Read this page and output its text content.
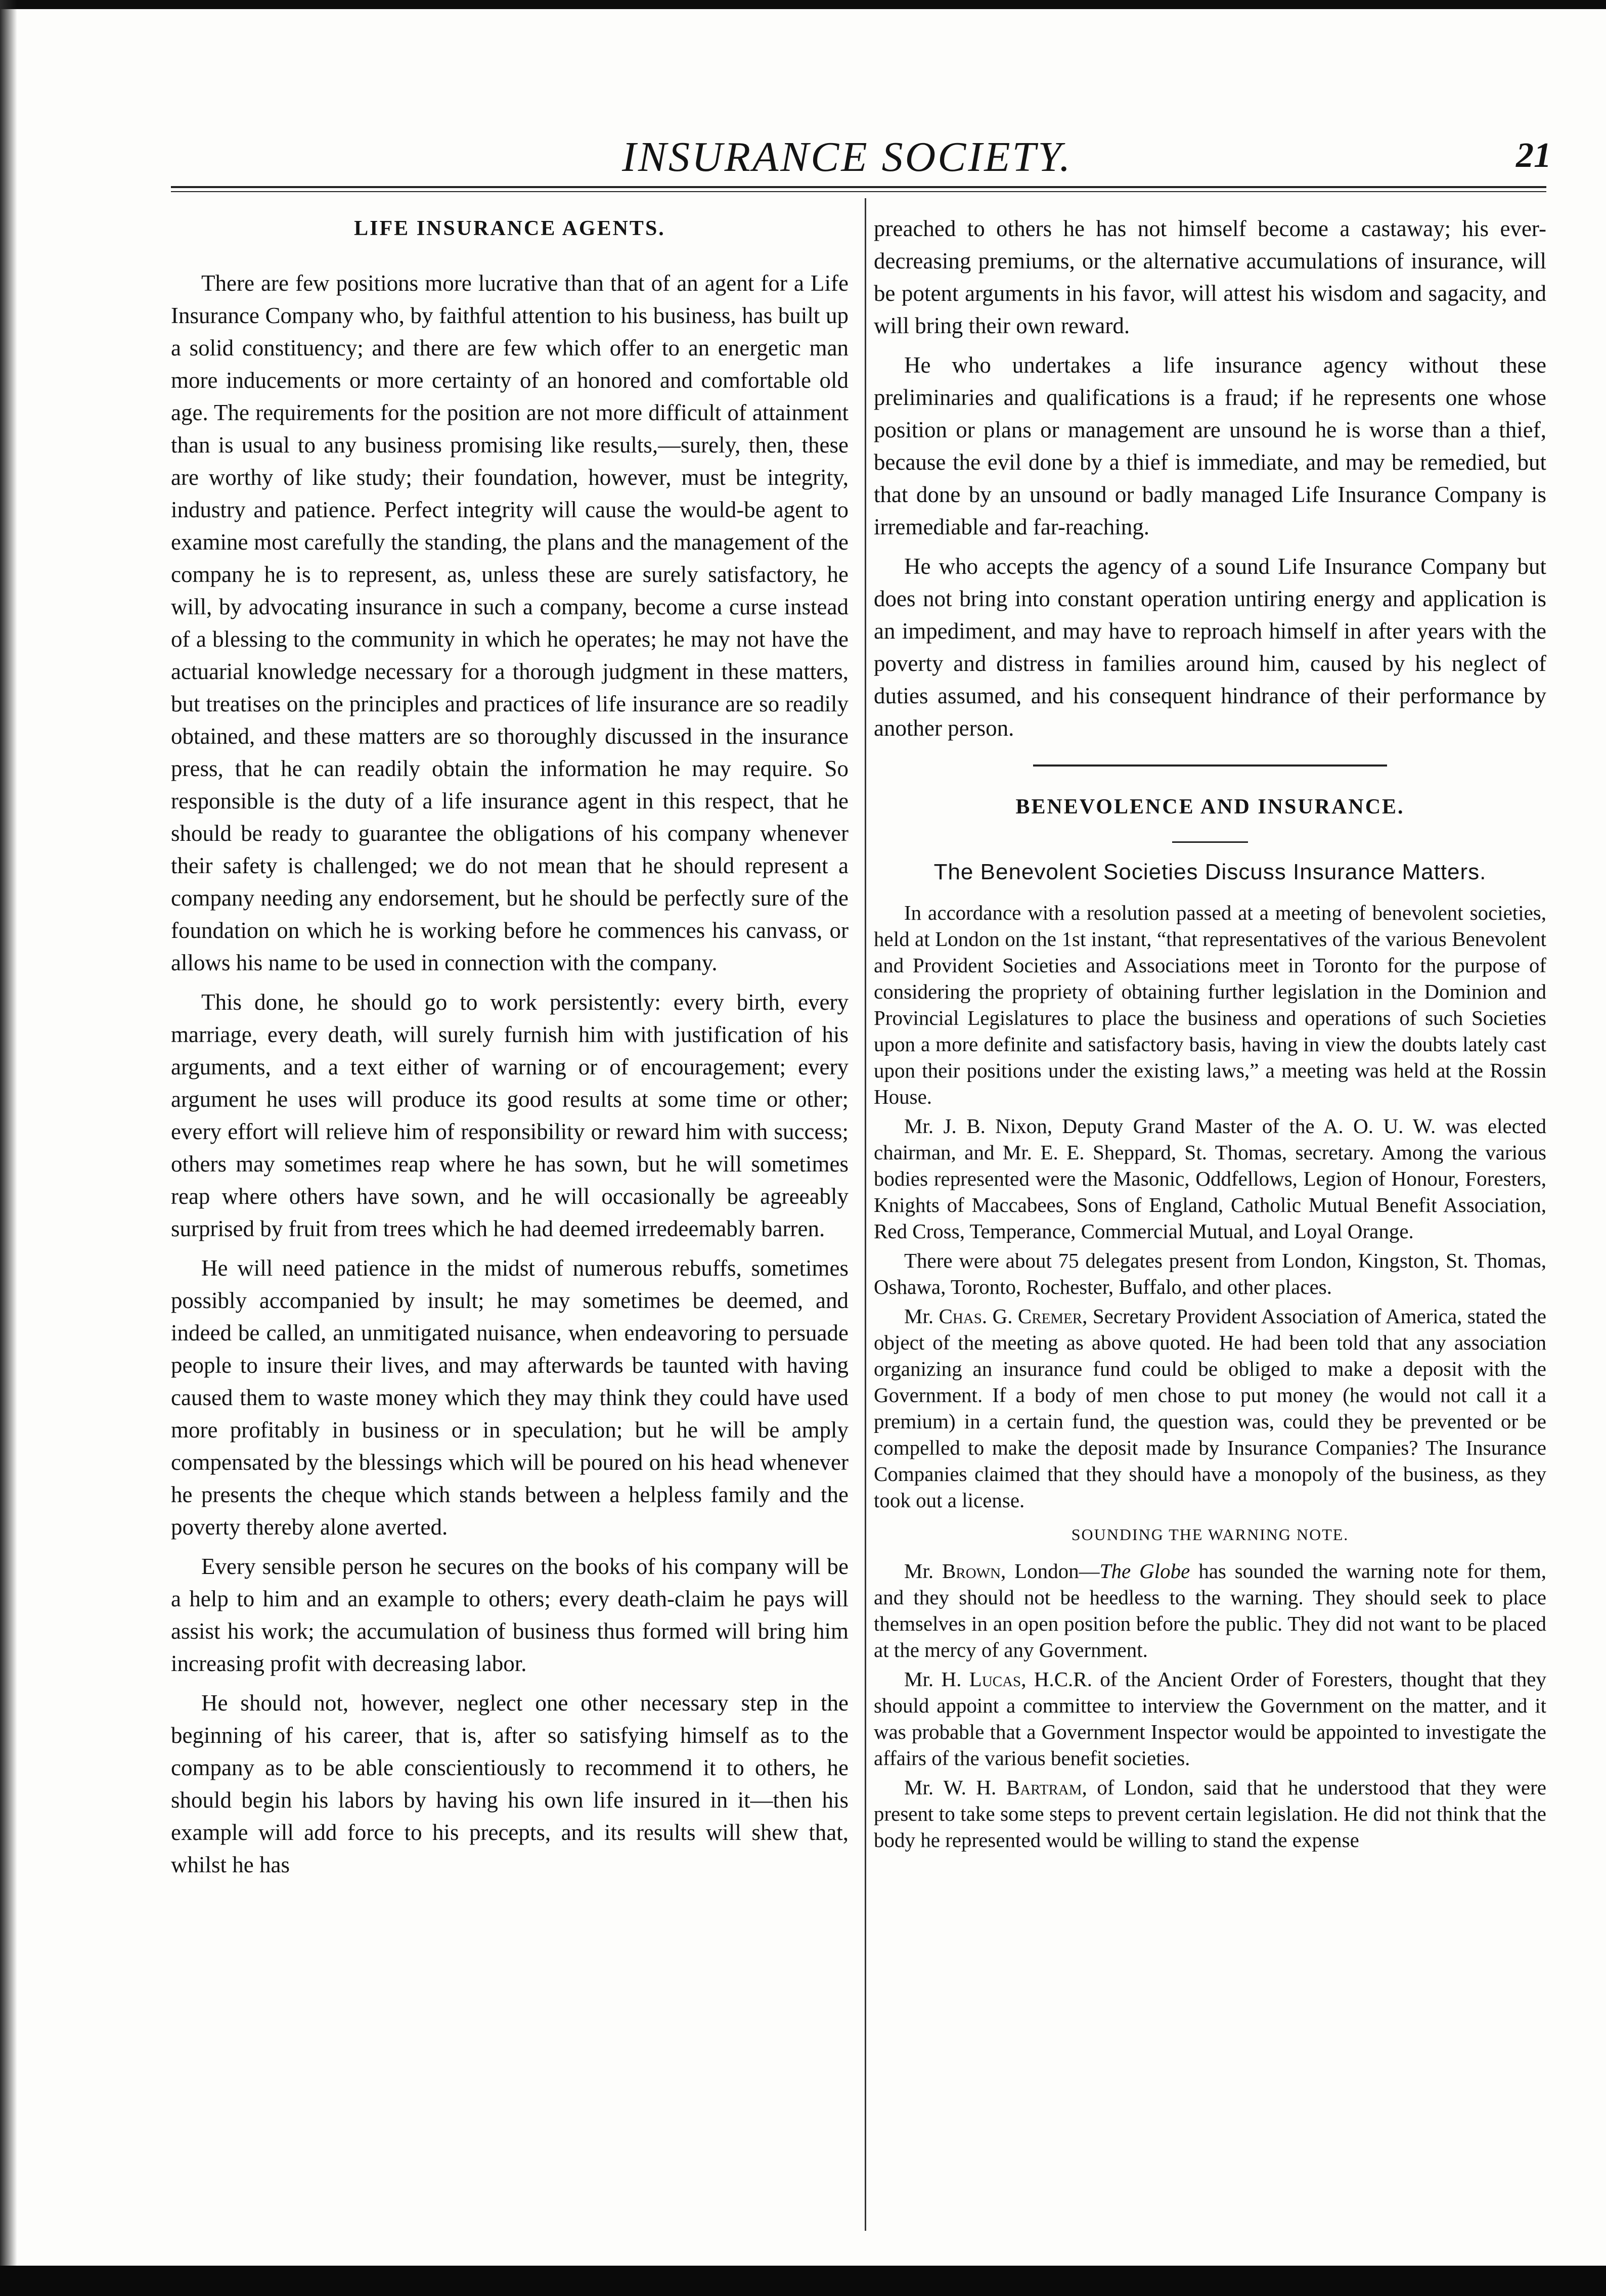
INSURANCE SOCIETY.	21
LIFE INSURANCE AGENTS.

There are few positions more lucrative than that of an agent for a Life Insurance Company who, by faithful attention to his business, has built up a solid constituency; and there are few which offer to an energetic man more inducements or more certainty of an honored and comfortable old age. The requirements for the position are not more difficult of attainment than is usual to any business promising like results,—surely, then, these are worthy of like study; their foundation, however, must be integrity, industry and patience. Perfect integrity will cause the would-be agent to examine most carefully the standing, the plans and the management of the company he is to represent, as, unless these are surely satisfactory, he will, by advocating insurance in such a company, become a curse instead of a blessing to the community in which he operates; he may not have the actuarial knowledge necessary for a thorough judgment in these matters, but treatises on the principles and practices of life insurance are so readily obtained, and these matters are so thoroughly discussed in the insurance press, that he can readily obtain the information he may require. So responsible is the duty of a life insurance agent in this respect, that he should be ready to guarantee the obligations of his company whenever their safety is challenged; we do not mean that he should represent a company needing any endorsement, but he should be perfectly sure of the foundation on which he is working before he commences his canvass, or allows his name to be used in connection with the company.

This done, he should go to work persistently: every birth, every marriage, every death, will surely furnish him with justification of his arguments, and a text either of warning or of encouragement; every argument he uses will produce its good results at some time or other; every effort will relieve him of responsibility or reward him with success; others may sometimes reap where he has sown, but he will sometimes reap where others have sown, and he will occasionally be agreeably surprised by fruit from trees which he had deemed irredeemably barren.

He will need patience in the midst of numerous rebuffs, sometimes possibly accompanied by insult; he may sometimes be deemed, and indeed be called, an unmitigated nuisance, when endeavoring to persuade people to insure their lives, and may afterwards be taunted with having caused them to waste money which they may think they could have used more profitably in business or in speculation; but he will be amply compensated by the blessings which will be poured on his head whenever he presents the cheque which stands between a helpless family and the poverty thereby alone averted.

Every sensible person he secures on the books of his company will be a help to him and an example to others; every death-claim he pays will assist his work; the accumulation of business thus formed will bring him increasing profit with decreasing labor.

He should not, however, neglect one other necessary step in the beginning of his career, that is, after so satisfying himself as to the company as to be able conscientiously to recommend it to others, he should begin his labors by having his own life insured in it—then his example will add force to his precepts, and its results will shew that, whilst he has

preached to others he has not himself become a castaway; his ever-decreasing premiums, or the alternative accumulations of insurance, will be potent arguments in his favor, will attest his wisdom and sagacity, and will bring their own reward.

He who undertakes a life insurance agency without these preliminaries and qualifications is a fraud; if he represents one whose position or plans or management are unsound he is worse than a thief, because the evil done by a thief is immediate, and may be remedied, but that done by an unsound or badly managed Life Insurance Company is irremediable and far-reaching.

He who accepts the agency of a sound Life Insurance Company but does not bring into constant operation untiring energy and application is an impediment, and may have to reproach himself in after years with the poverty and distress in families around him, caused by his neglect of duties assumed, and his consequent hindrance of their performance by another person.

BENEVOLENCE AND INSURANCE.
The Benevolent Societies Discuss Insurance Matters.

In accordance with a resolution passed at a meeting of benevolent societies, held at London on the 1st instant, “that representatives of the various Benevolent and Provident Societies and Associations meet in Toronto for the purpose of considering the propriety of obtaining further legislation in the Dominion and Provincial Legislatures to place the business and operations of such Societies upon a more definite and satisfactory basis, having in view the doubts lately cast upon their positions under the existing laws,” a meeting was held at the Rossin House.

Mr. J. B. Nixon, Deputy Grand Master of the A. O. U. W. was elected chairman, and Mr. E. E. Sheppard, St. Thomas, secretary. Among the various bodies represented were the Masonic, Oddfellows, Legion of Honour, Foresters, Knights of Maccabees, Sons of England, Catholic Mutual Benefit Association, Red Cross, Temperance, Commercial Mutual, and Loyal Orange.

There were about 75 delegates present from London, Kingston, St. Thomas, Oshawa, Toronto, Rochester, Buffalo, and other places.

Mr. Chas. G. Cremer, Secretary Provident Association of America, stated the object of the meeting as above quoted. He had been told that any association organizing an insurance fund could be obliged to make a deposit with the Government. If a body of men chose to put money (he would not call it a premium) in a certain fund, the question was, could they be prevented or be compelled to make the deposit made by Insurance Companies? The Insurance Companies claimed that they should have a monopoly of the business, as they took out a license.

SOUNDING THE WARNING NOTE.

Mr. Brown, London—The Globe has sounded the warning note for them, and they should not be heedless to the warning. They should seek to place themselves in an open position before the public. They did not want to be placed at the mercy of any Government.

Mr. H. Lucas, H.C.R. of the Ancient Order of Foresters, thought that they should appoint a committee to interview the Government on the matter, and it was probable that a Government Inspector would be appointed to investigate the affairs of the various benefit societies.

Mr. W. H. Bartram, of London, said that he understood that they were present to take some steps to prevent certain legislation. He did not think that the body he represented would be willing to stand the expense
